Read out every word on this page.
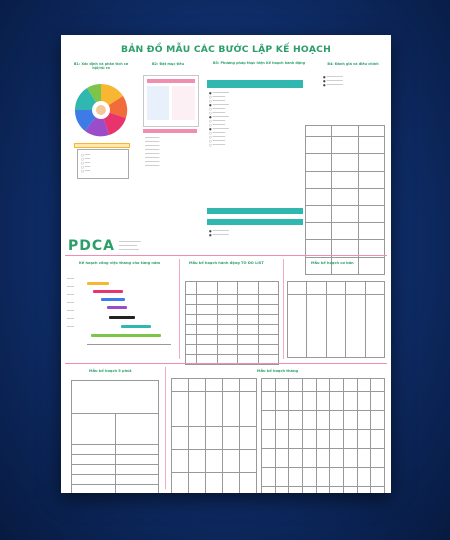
BẢN ĐỒ MẪU CÁC BƯỚC LẬP KẾ HOẠCH
B1: Xác định và phân tích cơ hội/rủi ro
B2: Đặt mục tiêu	B3: Phương pháp thực hiện Kế hoạch hành động	B4: Đánh giá và điều chỉnh
▢ ───
▢ ───
▢ ───
▢ ───
▢ ───
────────
────────
────────
────────
────────
────────
────────
────────
● ─────────
○ ───────
○ ───────
● ─────────
○ ───────
○ ───────
● ─────────
○ ───────
○ ───────
● ─────────
○ ───────
○ ───────
○ ───────
○ ───────
● ─────────
● ─────────
● ─────────
● ─────────
● ─────────

PDCA ────────────
──────────
───────────
Kế hoạch công việc tháng cho từng năm	Mẫu kế hoạch hành động TO DO LIST	Mẫu kế hoạch cơ bản
────

────

────

────

────

────

────

Mẫu kế hoạch 5 phút	Mẫu kế hoạch tháng
